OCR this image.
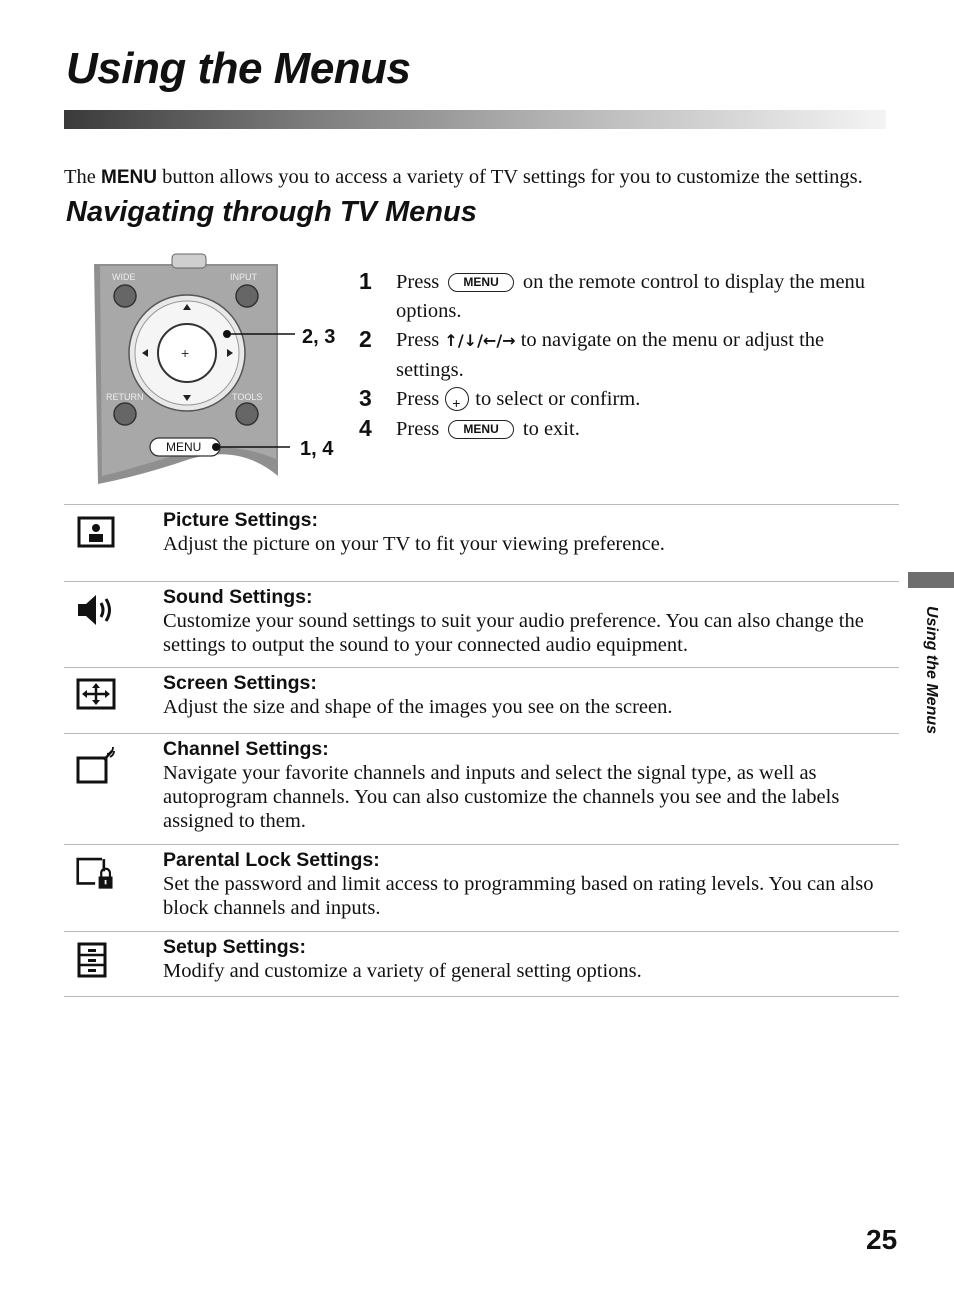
Using the Menus

The MENU button allows you to access a variety of TV settings for you to customize the settings.

Navigating through TV Menus
WIDE	INPUT
+
RETURN	TOOLS
MENU
2, 3
1, 4
1 Press MENU on the remote control to display the menu options.
2 Press ↑/↓/←/→ to navigate on the menu or adjust the settings.
3 Press+ to select or confirm.
4 Press MENU to exit.
Picture Settings:
Adjust the picture on your TV to fit your viewing preference.
Sound Settings:
Customize your sound settings to suit your audio preference. You can also change the settings to output the sound to your connected audio equipment.
Screen Settings:
Adjust the size and shape of the images you see on the screen.
Channel Settings:
Navigate your favorite channels and inputs and select the signal type, as well as autoprogram channels. You can also customize the channels you see and the labels assigned to them.
Parental Lock Settings:
Set the password and limit access to programming based on rating levels. You can also block channels and inputs.
Setup Settings:
Modify and customize a variety of general setting options.
Using the Menus
25
